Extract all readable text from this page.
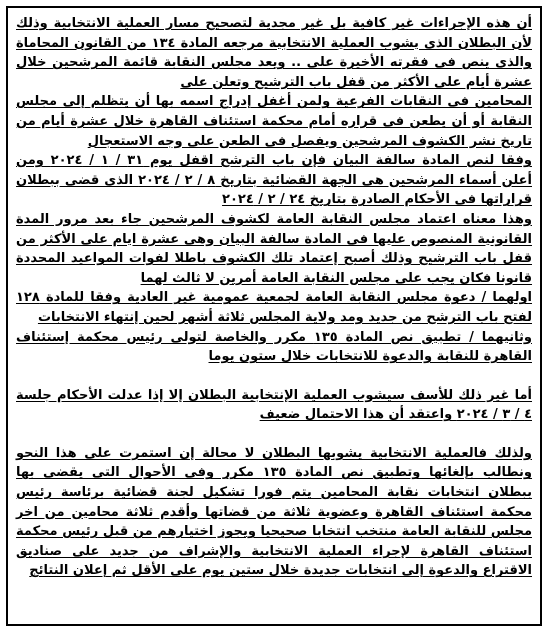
أن هذه الإجراءات غير كافية بل غير مجدية لتصحيح مسار العملية الانتخابية وذلك لأن البطلان الذى يشوب العملية الانتخابية مرجعه المادة ١٣٤ من القانون المحاماة والذى ينص فى فقرته الأخيرة على .. ويعد مجلس النقابة قائمة المرشحين خلال عشرة أيام على الأكثر من قفل باب الترشيح وتعلن على

المحامين فى النقابات الفرعية ولمن أغفل إدراج اسمه بها أن يتظلم إلى مجلس النقابة أو أن يطعن فى قراره أمام محكمة استئناف القاهرة خلال عشرة أيام من تاريخ نشر الكشوف المرشحين ويفصل فى الطعن على وجه الاستعجال

وفقا لنص المادة سالفة البيان فإن باب الترشح اقفل يوم ٣١ / ١ / ٢٠٢٤ ومن أعلن أسماء المرشحين هى الجهة القضائية بتاريخ ٨ / ٢ / ٢٠٢٤ الذى قضى ببطلان قراراتها فى الأحكام الصادرة بتاريخ ٢٤ / ٢ / ٢٠٢٤

وهذا معناه اعتماد مجلس النقابة العامة لكشوف المرشحين جاء بعد مرور المدة القانونية المنصوص عليها فى المادة سالفة البيان وهى عشرة ايام على الأكثر من قفل باب الترشيح وذلك أصبح إعتماد تلك الكشوف باطلا لفوات المواعيد المحددة قانونا فكان يجب على مجلس النقابة العامة أمرين لا ثالث لهما

اولهما / دعوة مجلس النقابة العامة لجمعية عمومية غير العادية وفقا للمادة ١٢٨ لفتح باب الترشح من جديد ومد ولاية المجلس ثلاثة أشهر لحين إنتهاء الانتخابات

وثانيهما / تطبيق نص المادة ١٣٥ مكرر والخاصة لتولى رئيس محكمة إستئناف القاهرة للنقابة والدعوة للانتخابات خلال ستون يوما

أما غير ذلك للأسف سيشوب العملية الإنتخابية البطلان إلا إذا عدلت الأحكام جلسة ٤ / ٣ / ٢٠٢٤ واعتقد أن هذا الاحتمال ضعيف

ولذلك فالعملية الانتخابية يشوبها البطلان لا محالة إن استمرت على هذا النحو ونطالب بإلغائها وتطبيق نص المادة ١٣٥ مكرر وفى الأحوال التى يقضى بها ببطلان انتخابات نقابة المحامين يتم فورا تشكيل لجنة قضائية برئاسة رئيس محكمة استئناف القاهرة وعضوية ثلاثة من قضاتها وأقدم ثلاثة محامين من اخر مجلس للنقابة العامة منتخب انتخابا صحيحيا ويجوز اختيارهم من قبل رئيس محكمة استئناف القاهرة لإجراء العملية الانتخابية والإشراف من جديد على صناديق الاقتراع والدعوة إلى انتخابات جديدة خلال ستين يوم على الأقل ثم إعلان النتائج
